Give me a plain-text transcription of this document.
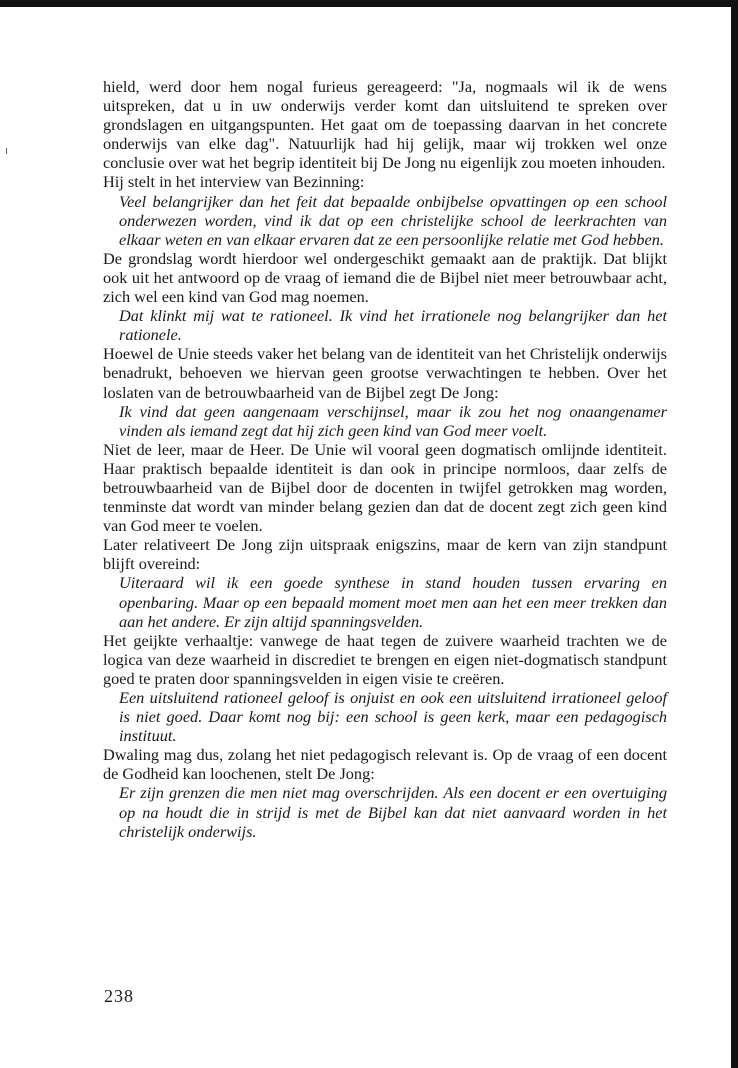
hield, werd door hem nogal furieus gereageerd: "Ja, nogmaals wil ik de wens uitspreken, dat u in uw onderwijs verder komt dan uitsluitend te spreken over grondslagen en uitgangspunten. Het gaat om de toepassing daarvan in het concrete onderwijs van elke dag". Natuurlijk had hij gelijk, maar wij trokken wel onze conclusie over wat het begrip identiteit bij De Jong nu eigenlijk zou moeten inhouden.

Hij stelt in het interview van Bezinning:

Veel belangrijker dan het feit dat bepaalde onbijbelse opvattingen op een school onderwezen worden, vind ik dat op een christelijke school de leerkrachten van elkaar weten en van elkaar ervaren dat ze een persoonlijke relatie met God hebben.

De grondslag wordt hierdoor wel ondergeschikt gemaakt aan de praktijk. Dat blijkt ook uit het antwoord op de vraag of iemand die de Bijbel niet meer betrouwbaar acht, zich wel een kind van God mag noemen.

Dat klinkt mij wat te rationeel. Ik vind het irrationele nog belangrijker dan het rationele.

Hoewel de Unie steeds vaker het belang van de identiteit van het Christelijk onderwijs benadrukt, behoeven we hiervan geen grootse verwachtingen te hebben. Over het loslaten van de betrouwbaarheid van de Bijbel zegt De Jong:

Ik vind dat geen aangenaam verschijnsel, maar ik zou het nog onaangenamer vinden als iemand zegt dat hij zich geen kind van God meer voelt.

Niet de leer, maar de Heer. De Unie wil vooral geen dogmatisch omlijnde identiteit. Haar praktisch bepaalde identiteit is dan ook in principe normloos, daar zelfs de betrouwbaarheid van de Bijbel door de docenten in twijfel getrokken mag worden, tenminste dat wordt van minder belang gezien dan dat de docent zegt zich geen kind van God meer te voelen.

Later relativeert De Jong zijn uitspraak enigszins, maar de kern van zijn standpunt blijft overeind:

Uiteraard wil ik een goede synthese in stand houden tussen ervaring en openbaring. Maar op een bepaald moment moet men aan het een meer trekken dan aan het andere. Er zijn altijd spanningsvelden.

Het geijkte verhaaltje: vanwege de haat tegen de zuivere waarheid trachten we de logica van deze waarheid in discrediet te brengen en eigen niet-dogmatisch standpunt goed te praten door spanningsvelden in eigen visie te creëren.

Een uitsluitend rationeel geloof is onjuist en ook een uitsluitend irrationeel geloof is niet goed. Daar komt nog bij: een school is geen kerk, maar een pedagogisch instituut.

Dwaling mag dus, zolang het niet pedagogisch relevant is. Op de vraag of een docent de Godheid kan loochenen, stelt De Jong:

Er zijn grenzen die men niet mag overschrijden. Als een docent er een overtuiging op na houdt die in strijd is met de Bijbel kan dat niet aanvaard worden in het christelijk onderwijs.

238
